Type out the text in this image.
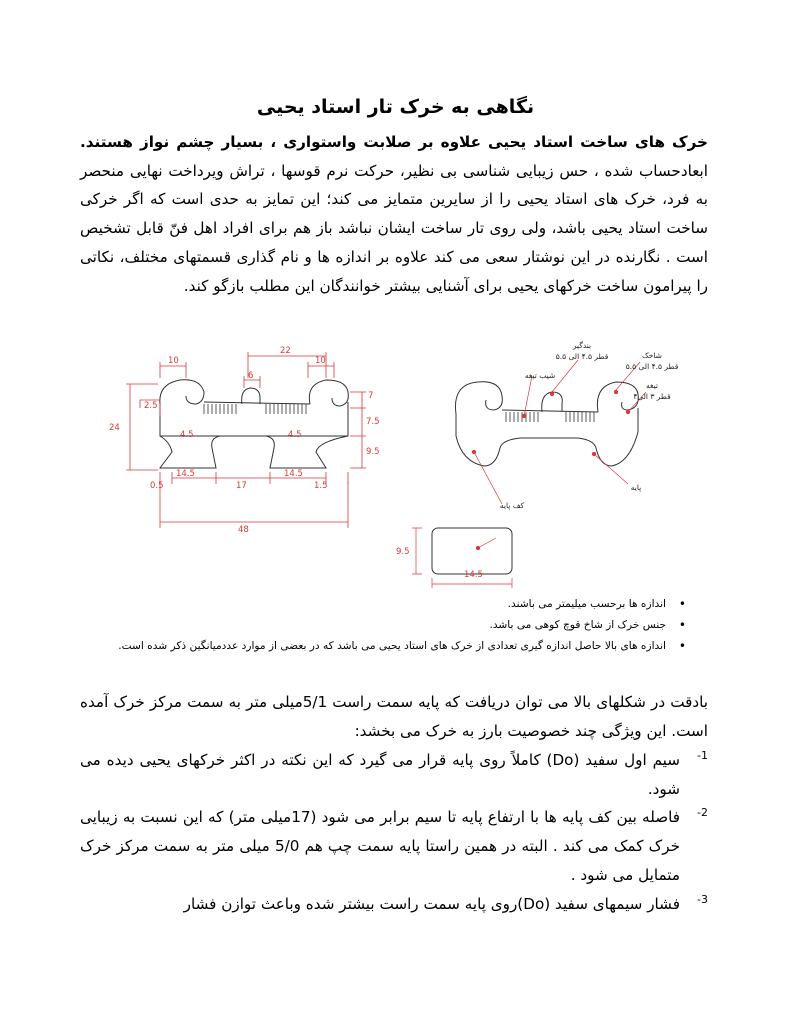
نگاهی به خرک تار استاد یحیی
خرک های ساخت استاد یحیی علاوه بر صلابت واستواری ، بسیار چشم نواز هستند. ابعادحساب شده ، حس زیبایی شناسی بی نظیر، حرکت نرم قوسها ، تراش ویرداخت نهایی منحصر به فرد، خرک های استاد یحیی را از سایرین متمایز می کند؛ این تمایز به حدی است که اگر خرکی ساخت استاد یحیی باشد، ولی روی تار ساخت ایشان نباشد باز هم برای افراد اهل فنّ قابل تشخیص است . نگارنده در این نوشتار سعی می کند علاوه بر اندازه ها و نام گذاری قسمتهای مختلف، نکاتی را پیرامون ساخت خرکهای یحیی برای آشنایی بیشتر خوانندگان این مطلب بازگو کند.
10
22
10
6
24
2.5
7
7.5
9.5
4.5	4.5
14.5
17
14.5
0.5	1.5
48
بندگیر
قطر ۴.۵ الی ۵.۵
شیب تیغه
شاخک
قطر ۴.۵ الی ۵.۵
تیغه
قطر ۳ الی۴
پایه
کف پایه
9.5
14.5
• اندازه ها برحسب میلیمتر می باشند.
• جنس خرک از شاخ قوچ کوهی می باشد.
• اندازه های بالا حاصل اندازه گیری تعدادی از خرک های استاد یحیی می باشد که در بعضی از موارد عددمیانگین ذکر شده است.

بادقت در شکلهای بالا می توان دریافت که پایه سمت راست 5/1میلی متر به سمت مرکز خرک آمده است. این ویژگی چند خصوصیت بارز به خرک می بخشد:

-1
سیم اول سفید (Do) کاملاً روی پایه قرار می گیرد که این نکته در اکثر خرکهای یحیی دیده می شود.
-2
فاصله بین کف پایه ها با ارتفاع پایه تا سیم برابر می شود (17میلی متر) که این نسبت به زیبایی خرک کمک می کند . البته در همین راستا پایه سمت چپ هم 5/0 میلی متر به سمت مرکز خرک متمایل می شود .
-3
فشار سیمهای سفید (Do)روی پایه سمت راست بیشتر شده وباعث توازن فشار
